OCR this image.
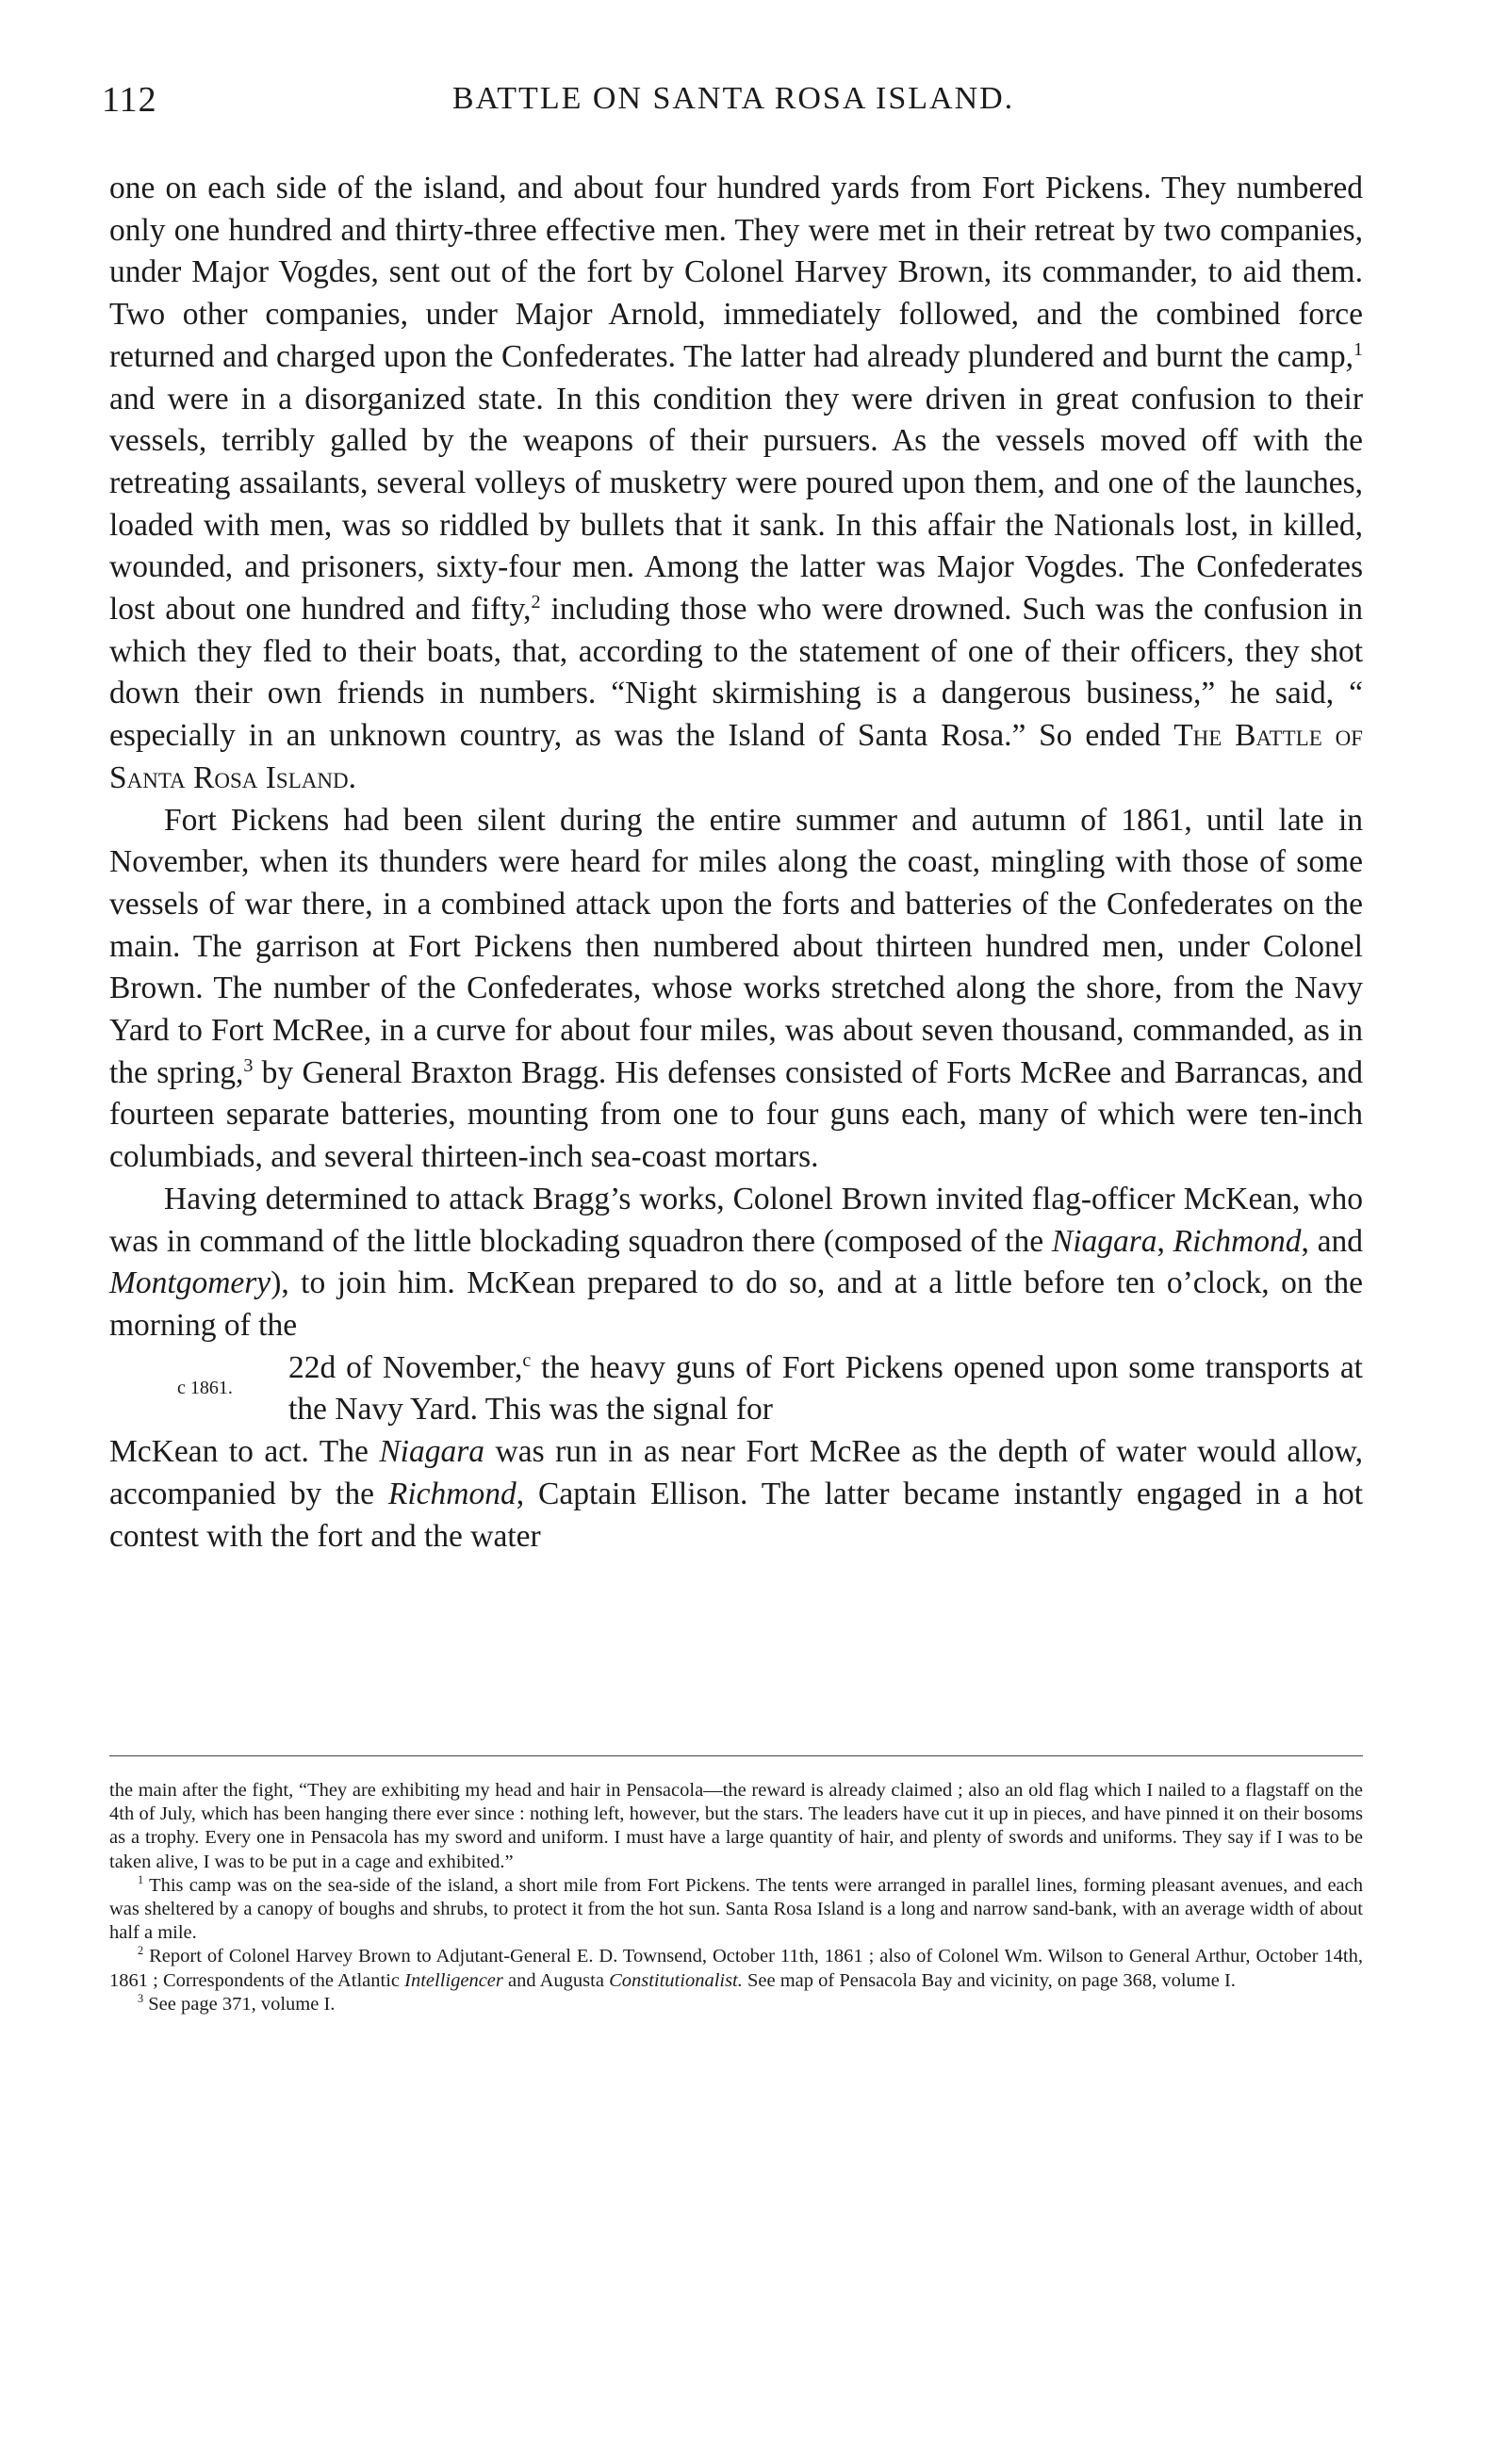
112	BATTLE ON SANTA ROSA ISLAND.

one on each side of the island, and about four hundred yards from Fort Pickens. They numbered only one hundred and thirty-three effective men. They were met in their retreat by two companies, under Major Vogdes, sent out of the fort by Colonel Harvey Brown, its commander, to aid them. Two other companies, under Major Arnold, immediately followed, and the combined force returned and charged upon the Confederates. The latter had already plundered and burnt the camp,$^1$ and were in a disorganized state. In this condition they were driven in great confusion to their vessels, terribly galled by the weapons of their pursuers. As the vessels moved off with the retreating assailants, several volleys of musketry were poured upon them, and one of the launches, loaded with men, was so riddled by bullets that it sank. In this affair the Nationals lost, in killed, wounded, and prisoners, sixty-four men. Among the latter was Major Vogdes. The Confederates lost about one hundred and fifty,$^2$ including those who were drowned. Such was the confusion in which they fled to their boats, that, according to the statement of one of their officers, they shot down their own friends in numbers. “Night skirmishing is a dangerous business,” he said, “ especially in an unknown country, as was the Island of Santa Rosa.” So ended The Battle of Santa Rosa Island.

Fort Pickens had been silent during the entire summer and autumn of 1861, until late in November, when its thunders were heard for miles along the coast, mingling with those of some vessels of war there, in a combined attack upon the forts and batteries of the Confederates on the main. The garrison at Fort Pickens then numbered about thirteen hundred men, under Colonel Brown. The number of the Confederates, whose works stretched along the shore, from the Navy Yard to Fort McRee, in a curve for about four miles, was about seven thousand, commanded, as in the spring,$^3$ by General Braxton Bragg. His defenses consisted of Forts McRee and Barrancas, and fourteen separate batteries, mounting from one to four guns each, many of which were ten-inch columbiads, and several thirteen-inch sea-coast mortars.

Having determined to attack Bragg’s works, Colonel Brown invited flag-officer McKean, who was in command of the little blockading squadron there (composed of the Niagara, Richmond, and Montgomery), to join him. McKean prepared to do so, and at a little before ten o’clock, on the morning of the

c 1861.
22d of November,$^c$ the heavy guns of Fort Pickens opened upon some transports at the Navy Yard. This was the signal for

McKean to act. The Niagara was run in as near Fort McRee as the depth of water would allow, accompanied by the Richmond, Captain Ellison. The latter became instantly engaged in a hot contest with the fort and the water

the main after the fight, “They are exhibiting my head and hair in Pensacola—the reward is already claimed ; also an old flag which I nailed to a flagstaff on the 4th of July, which has been hanging there ever since : nothing left, however, but the stars. The leaders have cut it up in pieces, and have pinned it on their bosoms as a trophy. Every one in Pensacola has my sword and uniform. I must have a large quantity of hair, and plenty of swords and uniforms. They say if I was to be taken alive, I was to be put in a cage and exhibited.”

$^1$ This camp was on the sea-side of the island, a short mile from Fort Pickens. The tents were arranged in parallel lines, forming pleasant avenues, and each was sheltered by a canopy of boughs and shrubs, to protect it from the hot sun. Santa Rosa Island is a long and narrow sand-bank, with an average width of about half a mile.

$^2$ Report of Colonel Harvey Brown to Adjutant-General E. D. Townsend, October 11th, 1861 ; also of Colonel Wm. Wilson to General Arthur, October 14th, 1861 ; Correspondents of the Atlantic Intelligencer and Augusta Constitutionalist. See map of Pensacola Bay and vicinity, on page 368, volume I.

$^3$ See page 371, volume I.
